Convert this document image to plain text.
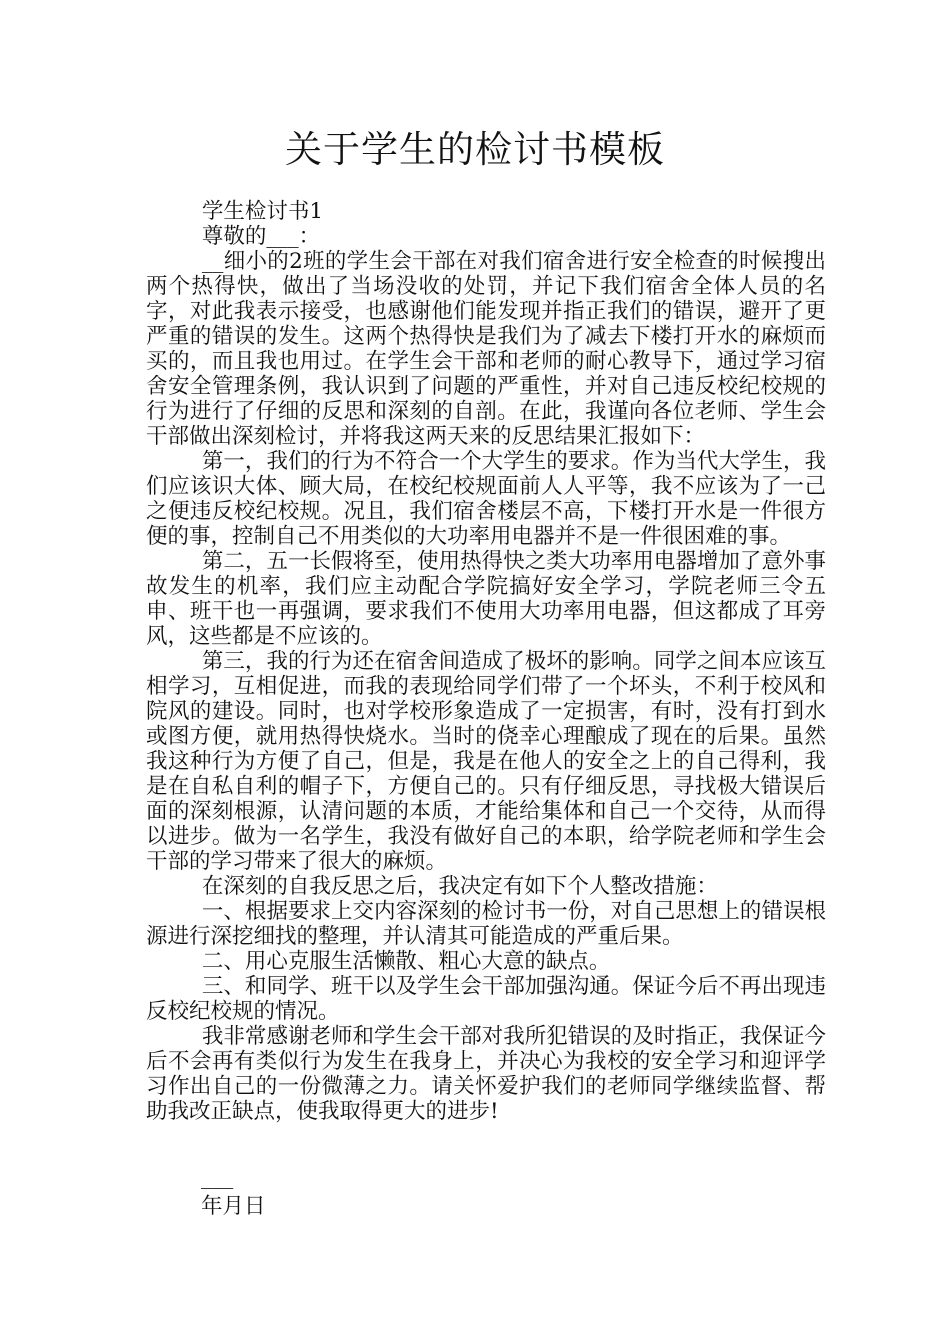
关于学生的检讨书模板

学生检讨书1

尊敬的___：

__细小的2班的学生会干部在对我们宿舍进行安全检查的时候搜出两个热得快，做出了当场没收的处罚，并记下我们宿舍全体人员的名字，对此我表示接受，也感谢他们能发现并指正我们的错误，避开了更严重的错误的发生。这两个热得快是我们为了减去下楼打开水的麻烦而买的，而且我也用过。在学生会干部和老师的耐心教导下，通过学习宿舍安全管理条例，我认识到了问题的严重性，并对自己违反校纪校规的行为进行了仔细的反思和深刻的自剖。在此，我谨向各位老师、学生会干部做出深刻检讨，并将我这两天来的反思结果汇报如下：

第一，我们的行为不符合一个大学生的要求。作为当代大学生，我们应该识大体、顾大局，在校纪校规面前人人平等，我不应该为了一己之便违反校纪校规。况且，我们宿舍楼层不高，下楼打开水是一件很方便的事，控制自己不用类似的大功率用电器并不是一件很困难的事。

第二，五一长假将至，使用热得快之类大功率用电器增加了意外事故发生的机率，我们应主动配合学院搞好安全学习，学院老师三令五申、班干也一再强调，要求我们不使用大功率用电器，但这都成了耳旁风，这些都是不应该的。

第三，我的行为还在宿舍间造成了极坏的影响。同学之间本应该互相学习，互相促进，而我的表现给同学们带了一个坏头，不利于校风和院风的建设。同时，也对学校形象造成了一定损害，有时，没有打到水或图方便，就用热得快烧水。当时的侥幸心理酿成了现在的后果。虽然我这种行为方便了自己，但是，我是在他人的安全之上的自己得利，我是在自私自利的帽子下，方便自己的。只有仔细反思，寻找极大错误后面的深刻根源，认清问题的本质，才能给集体和自己一个交待，从而得以进步。做为一名学生，我没有做好自己的本职，给学院老师和学生会干部的学习带来了很大的麻烦。

在深刻的自我反思之后，我决定有如下个人整改措施：

一、根据要求上交内容深刻的检讨书一份，对自己思想上的错误根源进行深挖细找的整理，并认清其可能造成的严重后果。

二、用心克服生活懒散、粗心大意的缺点。

三、和同学、班干以及学生会干部加强沟通。保证今后不再出现违反校纪校规的情况。

我非常感谢老师和学生会干部对我所犯错误的及时指正，我保证今后不会再有类似行为发生在我身上，并决心为我校的安全学习和迎评学习作出自己的一份微薄之力。请关怀爱护我们的老师同学继续监督、帮助我改正缺点，使我取得更大的进步!

___
年月日
